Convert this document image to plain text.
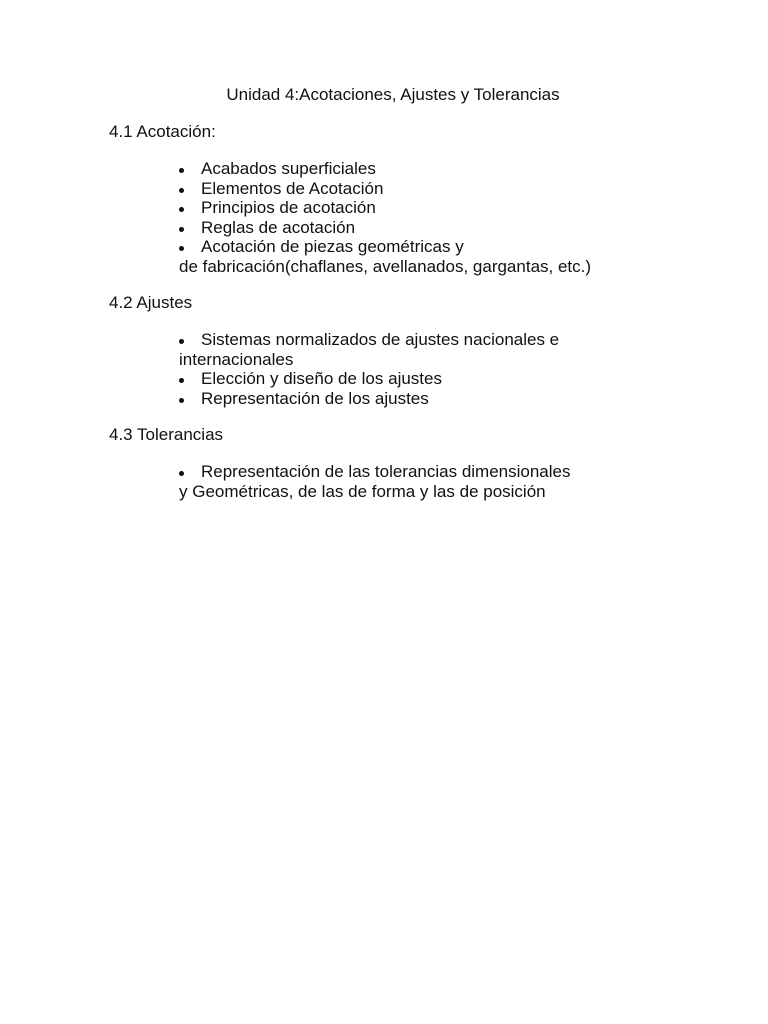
Unidad 4:Acotaciones, Ajustes y Tolerancias
4.1 Acotación:
Acabados superficiales
Elementos de Acotación
Principios de acotación
Reglas de acotación
Acotación de piezas geométricas y
de fabricación(chaflanes, avellanados, gargantas, etc.)
4.2 Ajustes
Sistemas normalizados de ajustes nacionales e
internacionales
Elección y diseño de los ajustes
Representación de los ajustes
4.3 Tolerancias
Representación de las tolerancias dimensionales
y Geométricas, de las de forma y las de posición
